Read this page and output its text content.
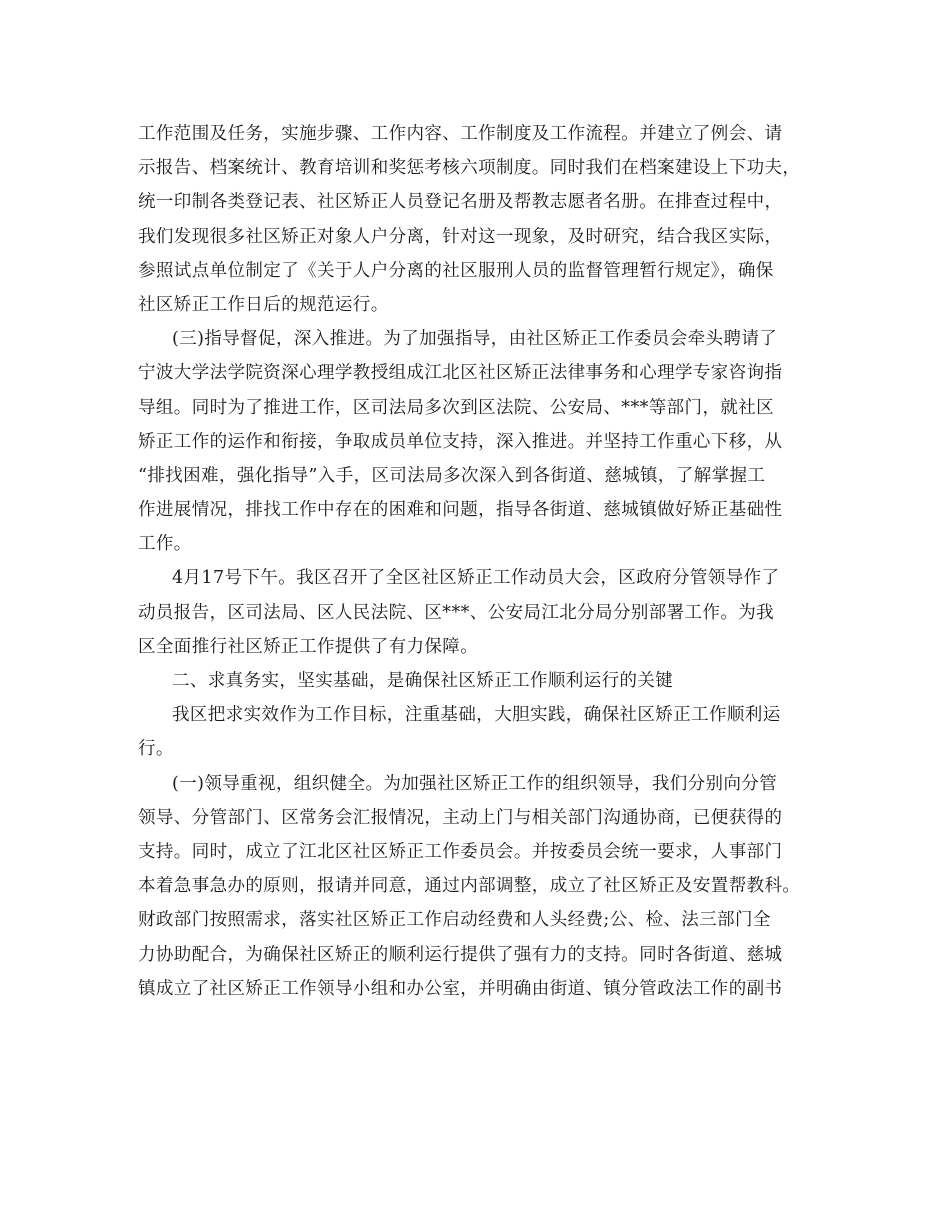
工作范围及任务，实施步骤、工作内容、工作制度及工作流程。并建立了例会、请
示报告、档案统计、教育培训和奖惩考核六项制度。同时我们在档案建设上下功夫，
统一印制各类登记表、社区矫正人员登记名册及帮教志愿者名册。在排查过程中，
我们发现很多社区矫正对象人户分离，针对这一现象，及时研究，结合我区实际，
参照试点单位制定了《关于人户分离的社区服刑人员的监督管理暂行规定》，确保
社区矫正工作日后的规范运行。
(三)指导督促，深入推进。为了加强指导，由社区矫正工作委员会牵头聘请了
宁波大学法学院资深心理学教授组成江北区社区矫正法律事务和心理学专家咨询指
导组。同时为了推进工作，区司法局多次到区法院、公安局、***等部门，就社区
矫正工作的运作和衔接，争取成员单位支持，深入推进。并坚持工作重心下移，从
“排找困难，强化指导”入手，区司法局多次深入到各街道、慈城镇，了解掌握工
作进展情况，排找工作中存在的困难和问题，指导各街道、慈城镇做好矫正基础性
工作。
4月17号下午。我区召开了全区社区矫正工作动员大会，区政府分管领导作了
动员报告，区司法局、区人民法院、区***、公安局江北分局分别部署工作。为我
区全面推行社区矫正工作提供了有力保障。
二、求真务实，坚实基础，是确保社区矫正工作顺利运行的关键
我区把求实效作为工作目标，注重基础，大胆实践，确保社区矫正工作顺利运
行。
(一)领导重视，组织健全。为加强社区矫正工作的组织领导，我们分别向分管
领导、分管部门、区常务会汇报情况，主动上门与相关部门沟通协商，已便获得的
支持。同时，成立了江北区社区矫正工作委员会。并按委员会统一要求，人事部门
本着急事急办的原则，报请并同意，通过内部调整，成立了社区矫正及安置帮教科。
财政部门按照需求，落实社区矫正工作启动经费和人头经费;公、检、法三部门全
力协助配合，为确保社区矫正的顺利运行提供了强有力的支持。同时各街道、慈城
镇成立了社区矫正工作领导小组和办公室，并明确由街道、镇分管政法工作的副书
